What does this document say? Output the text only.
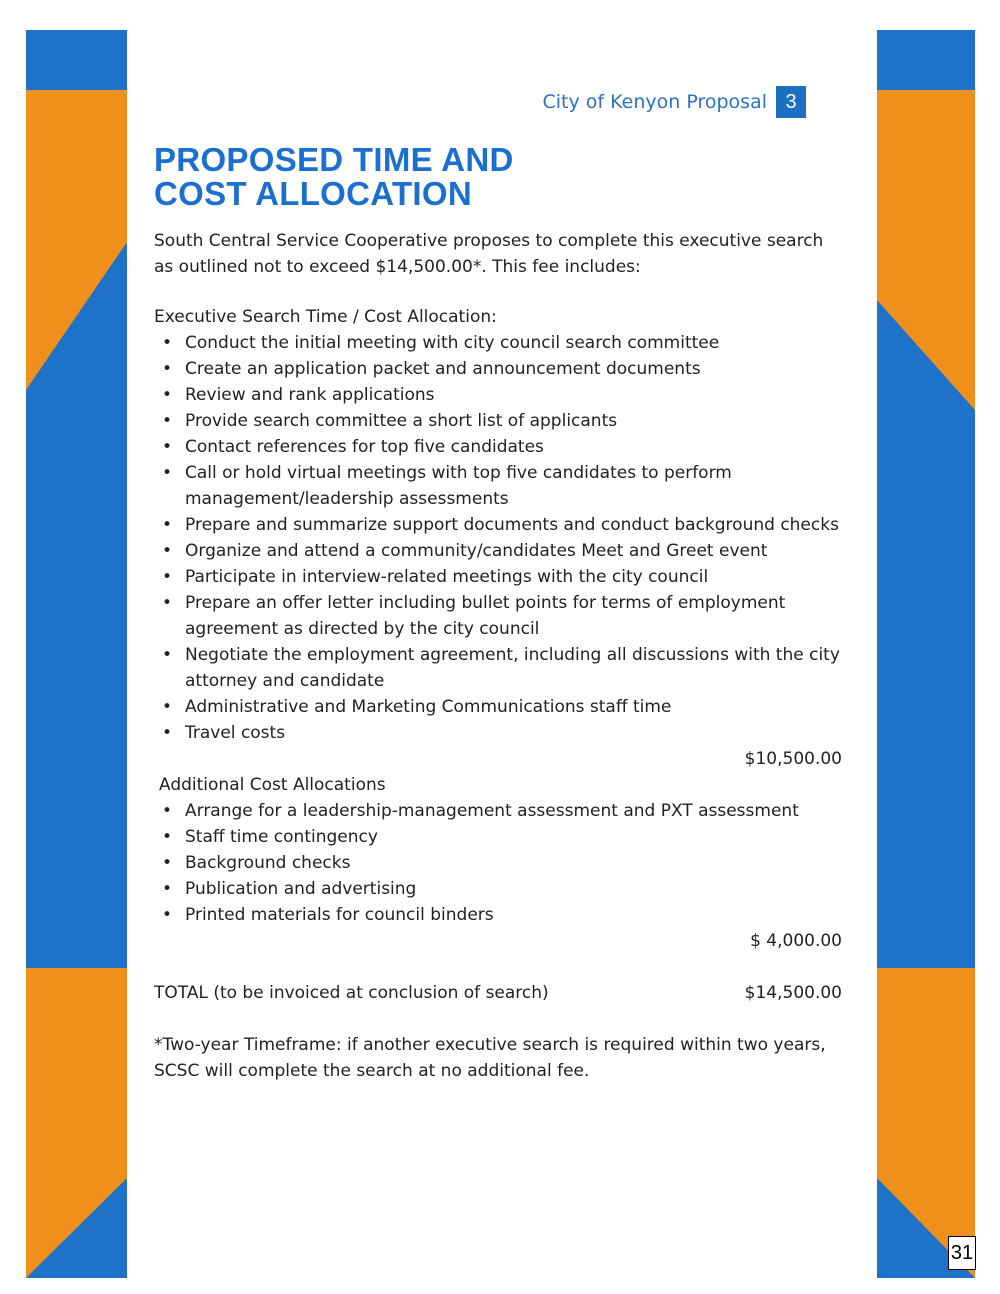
City of Kenyon Proposal 3
PROPOSED TIME AND
COST ALLOCATION

South Central Service Cooperative proposes to complete this executive search as outlined not to exceed $14,500.00*. This fee includes:

Executive Search Time / Cost Allocation:

• Conduct the initial meeting with city council search committee
• Create an application packet and announcement documents
• Review and rank applications
• Provide search committee a short list of applicants
• Contact references for top five candidates
• Call or hold virtual meetings with top five candidates to perform management/leadership assessments
• Prepare and summarize support documents and conduct background checks
• Organize and attend a community/candidates Meet and Greet event
• Participate in interview-related meetings with the city council
• Prepare an offer letter including bullet points for terms of employment agreement as directed by the city council
• Negotiate the employment agreement, including all discussions with the city attorney and candidate
• Administrative and Marketing Communications staff time
• Travel costs
$10,500.00

Additional Cost Allocations

• Arrange for a leadership-management assessment and PXT assessment
• Staff time contingency
• Background checks
• Publication and advertising
• Printed materials for council binders
$ 4,000.00
TOTAL (to be invoiced at conclusion of search)	$14,500.00

*Two-year Timeframe: if another executive search is required within two years, SCSC will complete the search at no additional fee.

31
